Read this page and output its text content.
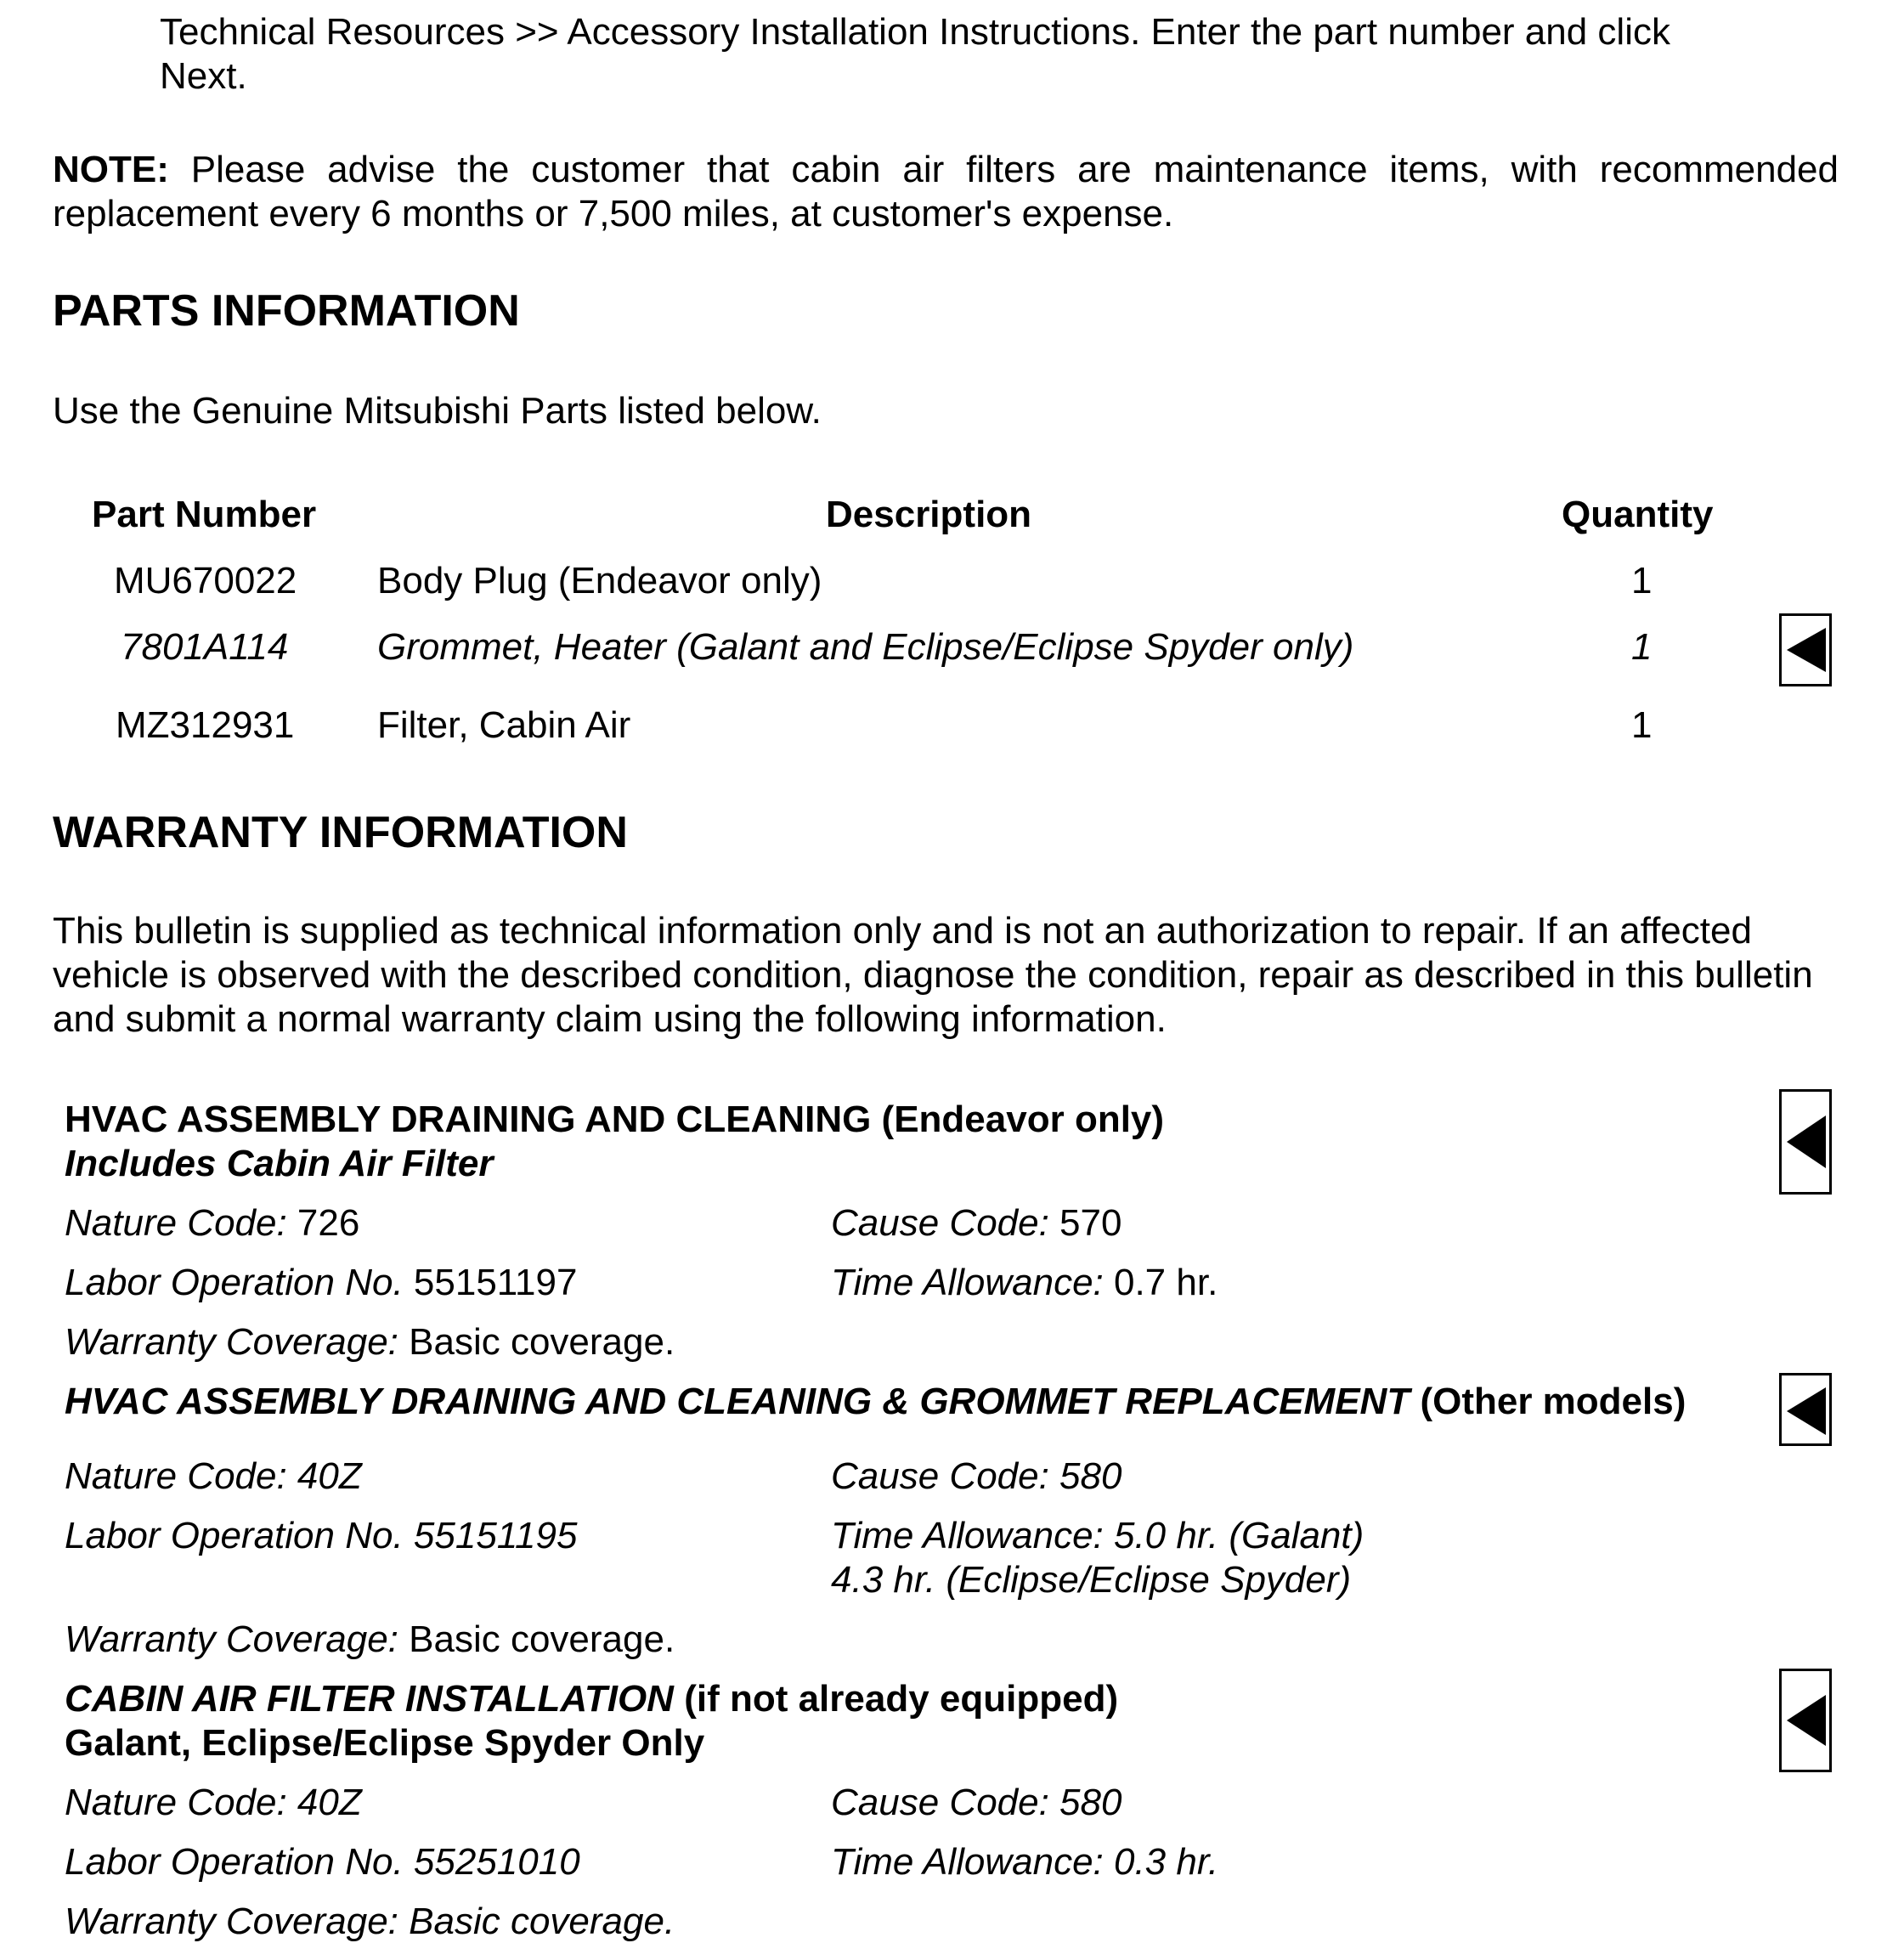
Technical Resources >> Accessory Installation Instructions. Enter the part number and click
Next.
NOTE: Please advise the customer that cabin air filters are maintenance items, with recommended replacement every 6 months or 7,500 miles, at customer's expense.
PARTS INFORMATION
Use the Genuine Mitsubishi Parts listed below.
Part Number	Description	Quantity
MU670022 Body Plug (Endeavor only)	1
7801A114 Grommet, Heater (Galant and Eclipse/Eclipse Spyder only)	1
MZ312931 Filter, Cabin Air	1
WARRANTY INFORMATION
This bulletin is supplied as technical information only and is not an authorization to repair. If an affected vehicle is observed with the described condition, diagnose the condition, repair as described in this bulletin and submit a normal warranty claim using the following information.
HVAC ASSEMBLY DRAINING AND CLEANING (Endeavor only)
Includes Cabin Air Filter
Nature Code: 726	Cause Code: 570
Labor Operation No. 55151197	Time Allowance: 0.7 hr.
Warranty Coverage: Basic coverage.
HVAC ASSEMBLY DRAINING AND CLEANING & GROMMET REPLACEMENT (Other models)
Nature Code: 40Z	Cause Code: 580
Labor Operation No. 55151195	Time Allowance: 5.0 hr. (Galant)
4.3 hr. (Eclipse/Eclipse Spyder)
Warranty Coverage: Basic coverage.
CABIN AIR FILTER INSTALLATION (if not already equipped)
Galant, Eclipse/Eclipse Spyder Only
Nature Code: 40Z	Cause Code: 580
Labor Operation No. 55251010	Time Allowance: 0.3 hr.
Warranty Coverage: Basic coverage.
